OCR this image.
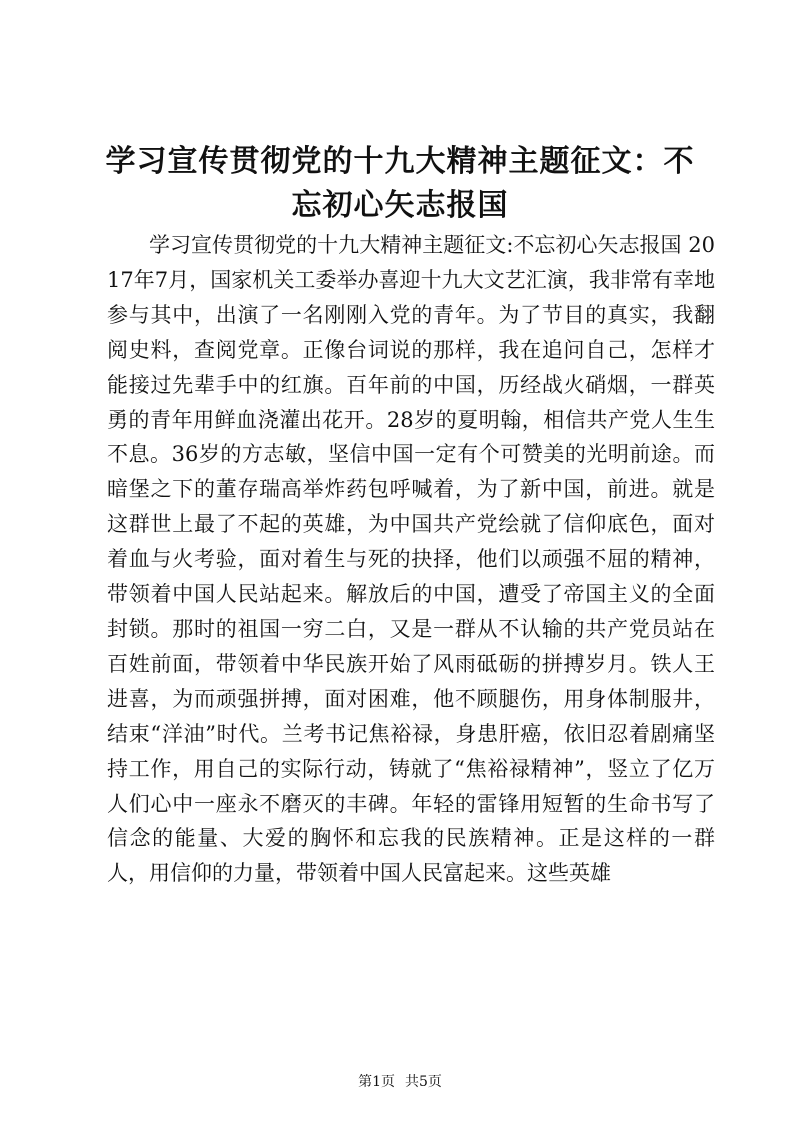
学习宣传贯彻党的十九大精神主题征文：不忘初心矢志报国

学习宣传贯彻党的十九大精神主题征文:不忘初心矢志报国 2017年7月，国家机关工委举办喜迎十九大文艺汇演，我非常有幸地参与其中，出演了一名刚刚入党的青年。为了节目的真实，我翻阅史料，查阅党章。正像台词说的那样，我在追问自己，怎样才能接过先辈手中的红旗。百年前的中国，历经战火硝烟，一群英勇的青年用鲜血浇灌出花开。28岁的夏明翰，相信共产党人生生不息。36岁的方志敏，坚信中国一定有个可赞美的光明前途。而暗堡之下的董存瑞高举炸药包呼喊着，为了新中国，前进。就是这群世上最了不起的英雄，为中国共产党绘就了信仰底色，面对着血与火考验，面对着生与死的抉择，他们以顽强不屈的精神，带领着中国人民站起来。解放后的中国，遭受了帝国主义的全面封锁。那时的祖国一穷二白，又是一群从不认输的共产党员站在百姓前面，带领着中华民族开始了风雨砥砺的拼搏岁月。铁人王进喜，为而顽强拼搏，面对困难，他不顾腿伤，用身体制服井，结束“洋油”时代。兰考书记焦裕禄，身患肝癌，依旧忍着剧痛坚持工作，用自己的实际行动，铸就了“焦裕禄精神”，竖立了亿万人们心中一座永不磨灭的丰碑。年轻的雷锋用短暂的生命书写了信念的能量、大爱的胸怀和忘我的民族精神。正是这样的一群人，用信仰的力量，带领着中国人民富起来。这些英雄

第1页 共5页
